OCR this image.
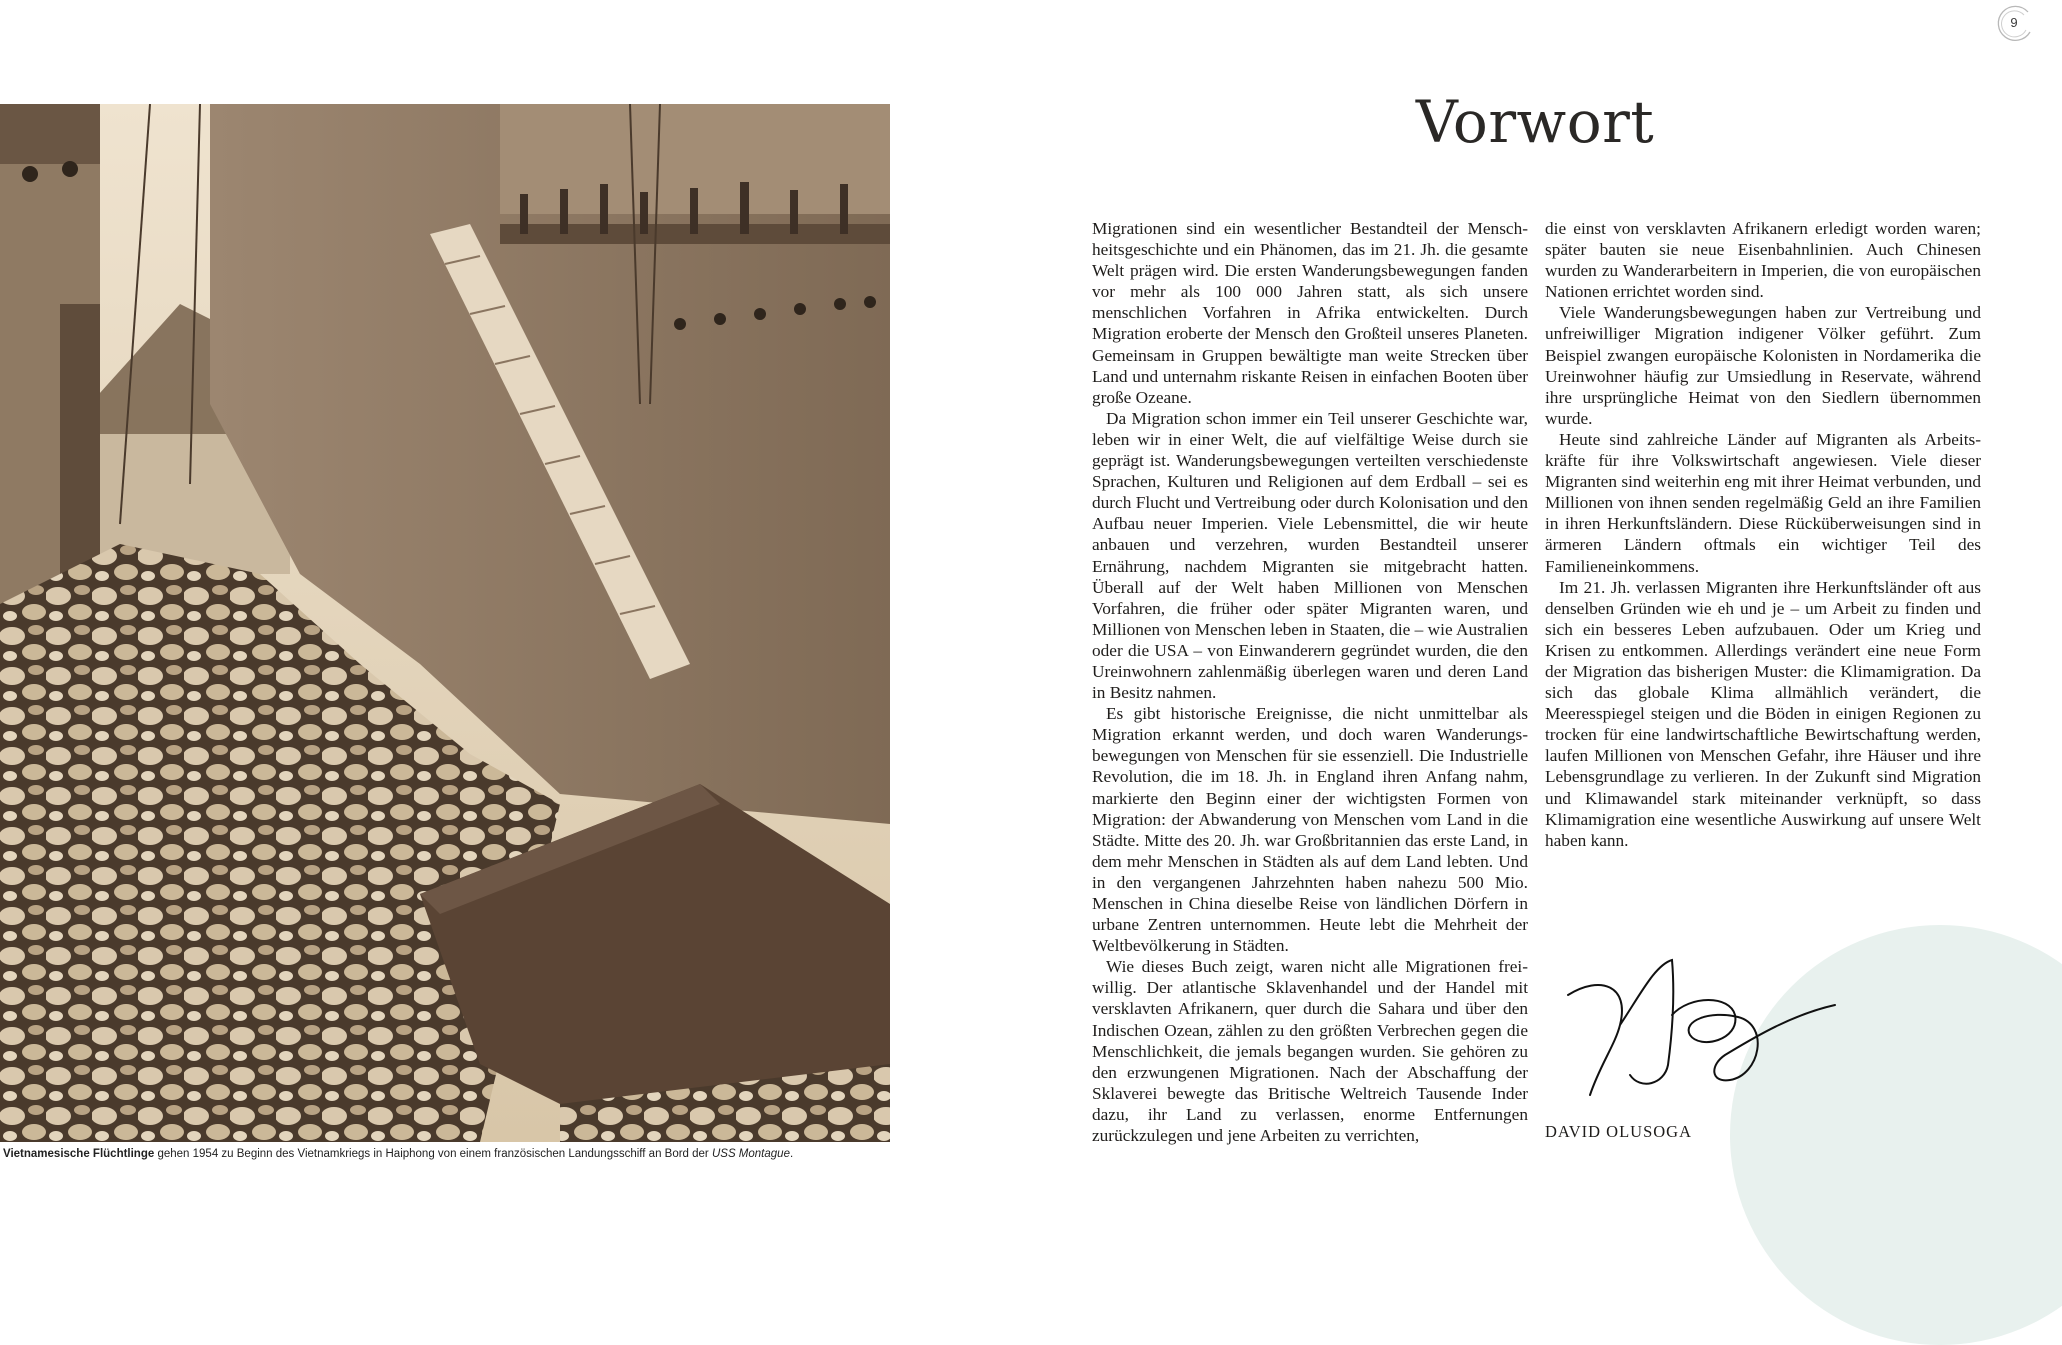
9
Vietnamesische Flüchtlinge gehen 1954 zu Beginn des Vietnamkriegs in Haiphong von einem französischen Landungsschiff an Bord der USS Montague.
Vorwort

Migrationen sind ein wesentlicher Bestandteil der Menschheitsgeschichte und ein Phänomen, das im 21. Jh. die gesamte Welt prägen wird. Die ersten Wanderungsbewegungen fanden vor mehr als 100 000 Jahren statt, als sich unsere menschlichen Vorfahren in Afrika entwickelten. Durch Migration eroberte der Mensch den Großteil unseres Planeten. Gemeinsam in Gruppen bewältigte man weite Strecken über Land und unternahm riskante Reisen in einfachen Booten über große Ozeane.

Da Migration schon immer ein Teil unserer Geschichte war, leben wir in einer Welt, die auf vielfältige Weise durch sie geprägt ist. Wanderungsbewegungen verteilten verschiedenste Sprachen, Kulturen und Religionen auf dem Erdball – sei es durch Flucht und Vertreibung oder durch Kolonisation und den Aufbau neuer Imperien. Viele Lebensmittel, die wir heute anbauen und verzehren, wurden Bestandteil unserer Ernährung, nachdem Migranten sie mitgebracht hatten. Überall auf der Welt haben Millionen von Menschen Vorfahren, die früher oder später Migranten waren, und Millionen von Menschen leben in Staaten, die – wie Australien oder die USA – von Einwanderern gegründet wurden, die den Ureinwohnern zahlenmäßig überlegen waren und deren Land in Besitz nahmen.

Es gibt historische Ereignisse, die nicht unmittelbar als Migration erkannt werden, und doch waren Wanderungsbewegungen von Menschen für sie essenziell. Die Industrielle Revolution, die im 18. Jh. in England ihren Anfang nahm, markierte den Beginn einer der wichtigsten Formen von Migration: der Abwanderung von Menschen vom Land in die Städte. Mitte des 20. Jh. war Großbritannien das erste Land, in dem mehr Menschen in Städten als auf dem Land lebten. Und in den vergangenen Jahrzehnten haben nahezu 500 Mio. Menschen in China dieselbe Reise von ländlichen Dörfern in urbane Zentren unternommen. Heute lebt die Mehrheit der Weltbevölkerung in Städten.

Wie dieses Buch zeigt, waren nicht alle Migrationen freiwillig. Der atlantische Sklavenhandel und der Handel mit versklavten Afrikanern, quer durch die Sahara und über den Indischen Ozean, zählen zu den größten Verbrechen gegen die Menschlichkeit, die jemals begangen wurden. Sie gehören zu den erzwungenen Migrationen. Nach der Abschaffung der Sklaverei bewegte das Britische Weltreich Tausende Inder dazu, ihr Land zu verlassen, enorme Entfernungen zurückzulegen und jene Arbeiten zu verrichten,

die einst von versklavten Afrikanern erledigt worden waren; später bauten sie neue Eisenbahnlinien. Auch Chinesen wurden zu Wanderarbeitern in Imperien, die von europäischen Nationen errichtet worden sind.

Viele Wanderungsbewegungen haben zur Vertreibung und unfreiwilliger Migration indigener Völker geführt. Zum Beispiel zwangen europäische Kolonisten in Nordamerika die Ureinwohner häufig zur Umsiedlung in Reservate, während ihre ursprüngliche Heimat von den Siedlern übernommen wurde.

Heute sind zahlreiche Länder auf Migranten als Arbeitskräfte für ihre Volkswirtschaft angewiesen. Viele dieser Migranten sind weiterhin eng mit ihrer Heimat verbunden, und Millionen von ihnen senden regelmäßig Geld an ihre Familien in ihren Herkunftsländern. Diese Rücküberweisungen sind in ärmeren Ländern oftmals ein wichtiger Teil des Familieneinkommens.

Im 21. Jh. verlassen Migranten ihre Herkunftsländer oft aus denselben Gründen wie eh und je – um Arbeit zu finden und sich ein besseres Leben aufzubauen. Oder um Krieg und Krisen zu entkommen. Allerdings verändert eine neue Form der Migration das bisherigen Muster: die Klimamigration. Da sich das globale Klima allmählich verändert, die Meeresspiegel steigen und die Böden in einigen Regionen zu trocken für eine landwirtschaftliche Bewirtschaftung werden, laufen Millionen von Menschen Gefahr, ihre Häuser und ihre Lebensgrundlage zu verlieren. In der Zukunft sind Migration und Klimawandel stark miteinander verknüpft, so dass Klimamigration eine wesentliche Auswirkung auf unsere Welt haben kann.

DAVID OLUSOGA
